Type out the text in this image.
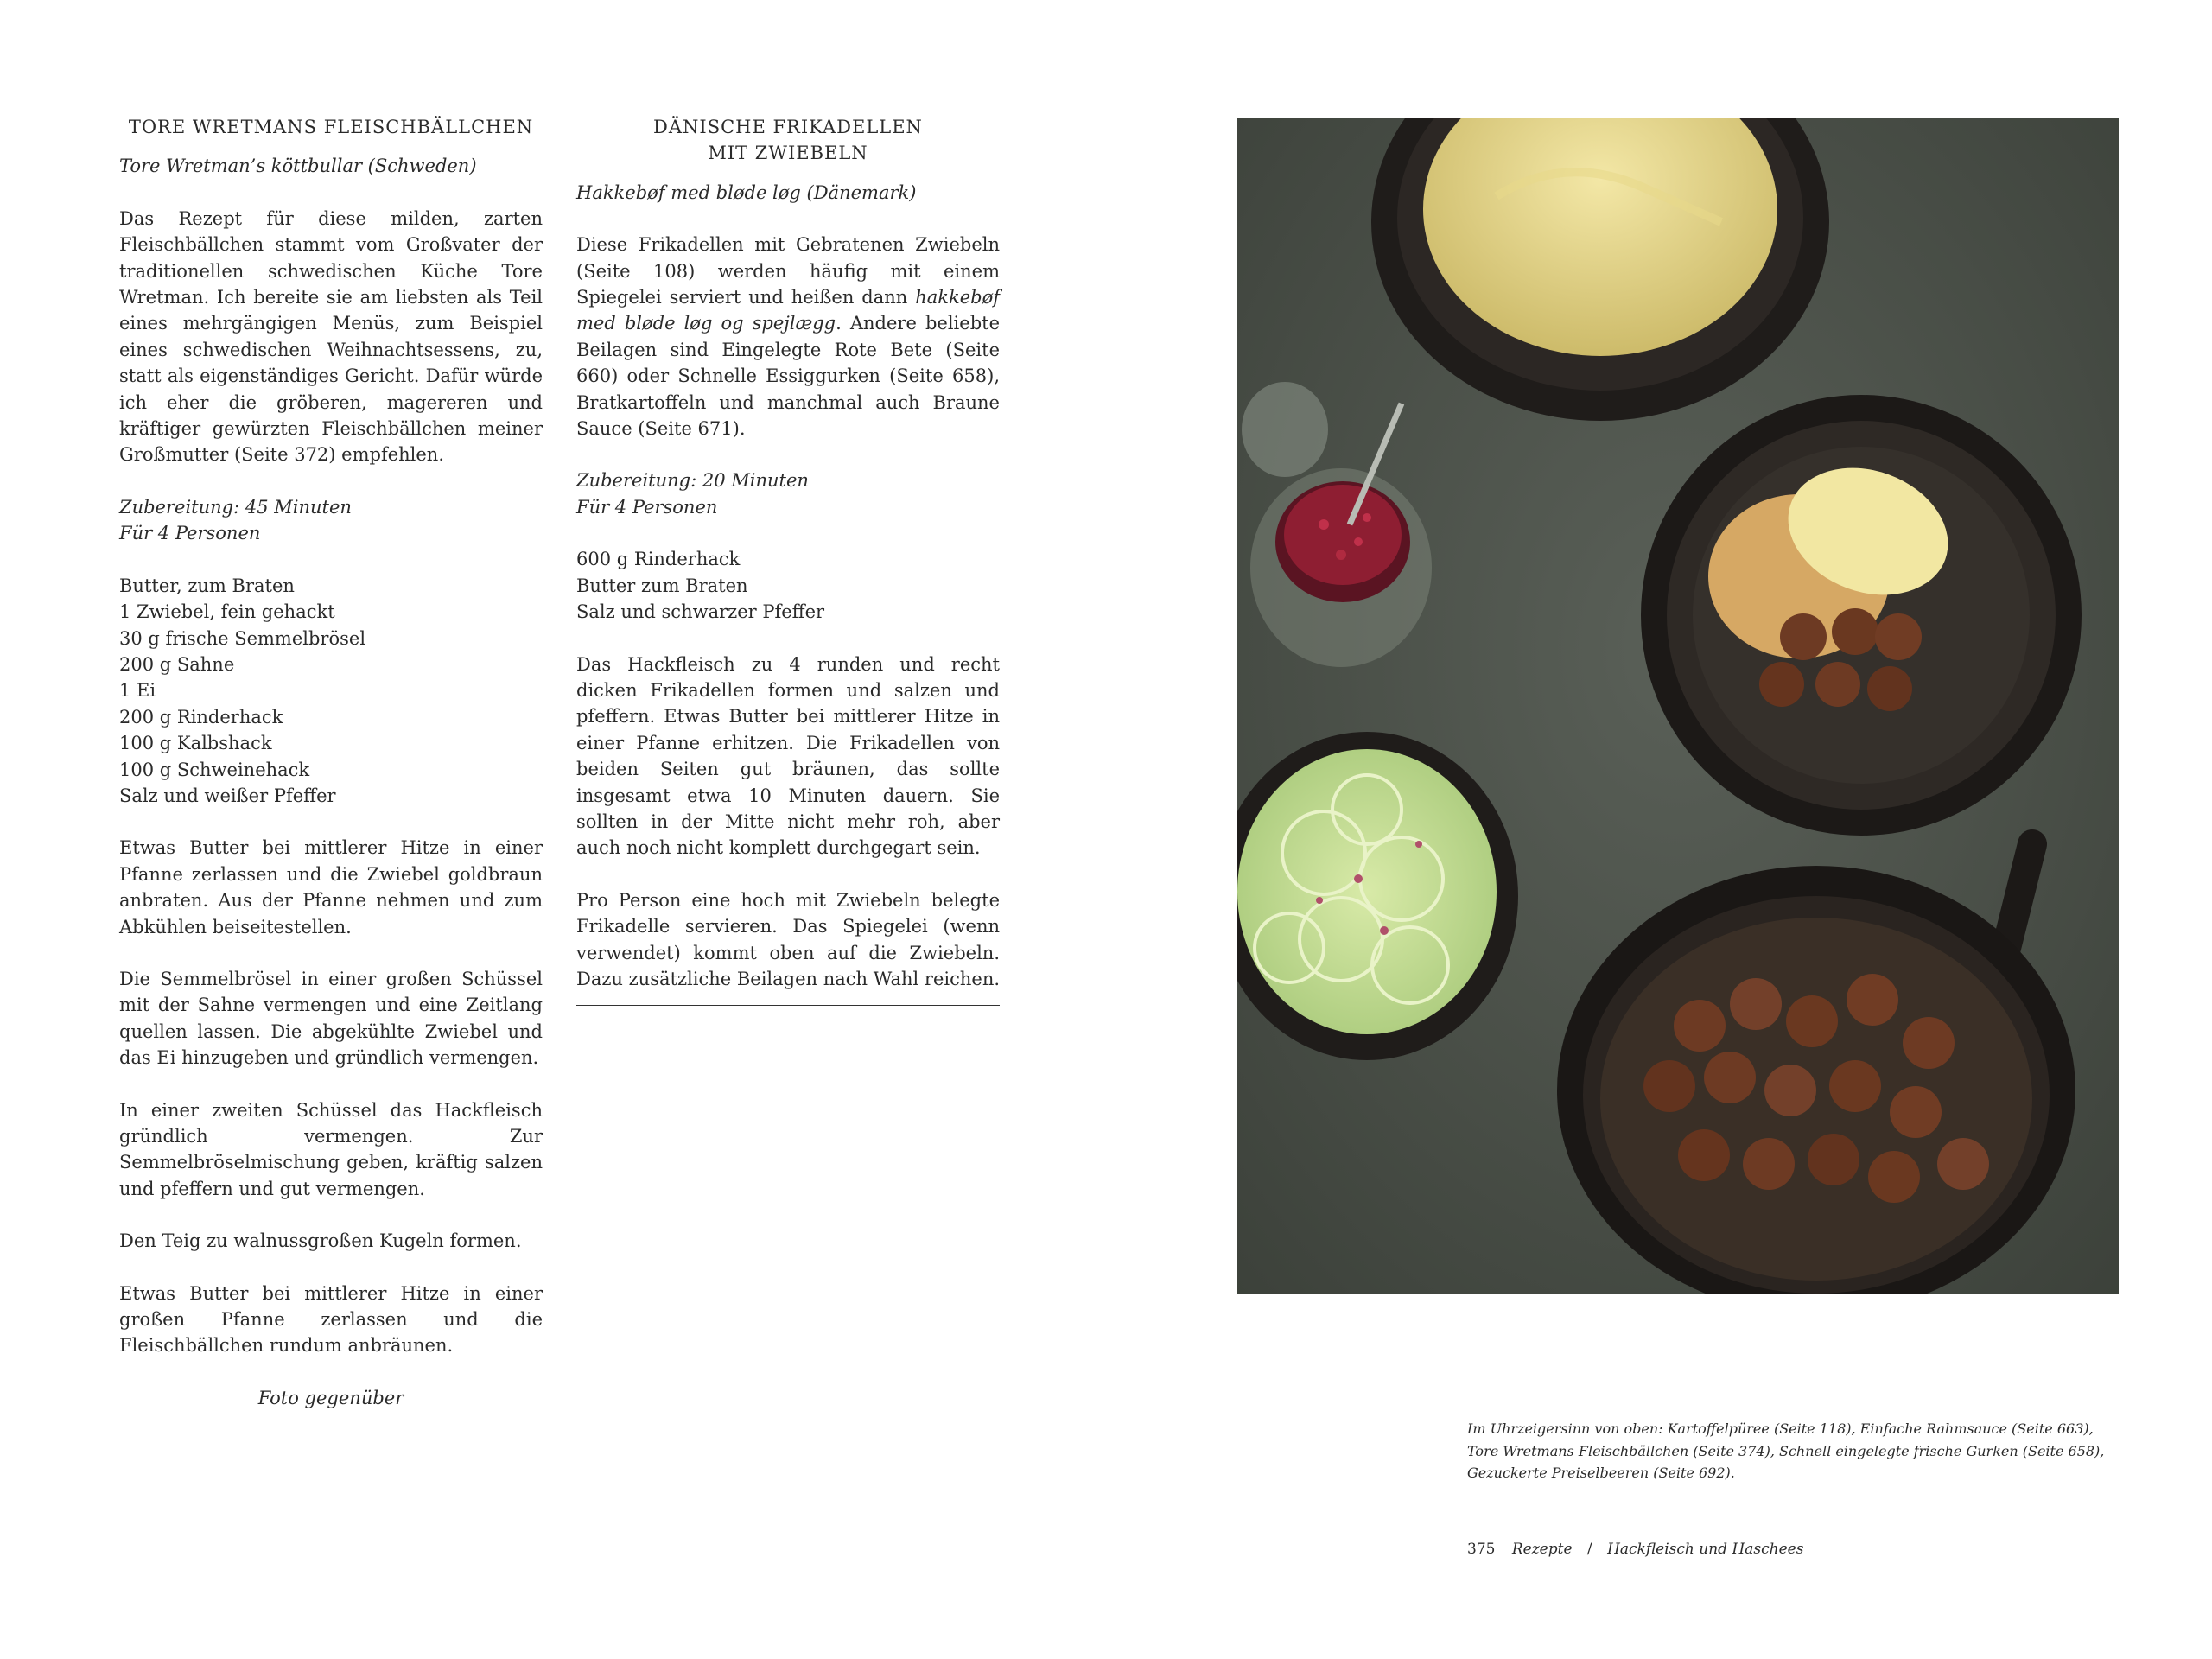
TORE WRETMANS FLEISCHBÄLLCHEN

Tore Wretman’s köttbullar (Schweden)

Das Rezept für diese milden, zarten Fleischbällchen stammt vom Großvater der traditionellen schwedischen Küche Tore Wretman. Ich bereite sie am liebsten als Teil eines mehrgängigen Menüs, zum Beispiel eines schwedischen Weihnachtsessens, zu, statt als eigenständiges Gericht. Dafür würde ich eher die gröberen, magereren und kräftiger gewürzten Fleischbällchen meiner Großmutter (Seite 372) empfehlen.

Zubereitung: 45 Minuten
Für 4 Personen
Butter, zum Braten
1 Zwiebel, fein gehackt
30 g frische Semmelbrösel
200 g Sahne
1 Ei
200 g Rinderhack
100 g Kalbshack
100 g Schweinehack
Salz und weißer Pfeffer

Etwas Butter bei mittlerer Hitze in einer Pfanne zerlassen und die Zwiebel goldbraun anbraten. Aus der Pfanne nehmen und zum Abkühlen beiseitestellen.

Die Semmelbrösel in einer großen Schüssel mit der Sahne vermengen und eine Zeitlang quellen lassen. Die abgekühlte Zwiebel und das Ei hinzugeben und gründlich vermengen.

In einer zweiten Schüssel das Hackfleisch gründlich vermengen. Zur Semmelbröselmischung geben, kräftig salzen und pfeffern und gut vermengen.

Den Teig zu walnussgroßen Kugeln formen.

Etwas Butter bei mittlerer Hitze in einer großen Pfanne zerlassen und die Fleischbällchen rundum anbräunen.

Foto gegenüber

DÄNISCHE FRIKADELLEN
MIT ZWIEBELN

Hakkebøf med bløde løg (Dänemark)

Diese Frikadellen mit Gebratenen Zwiebeln (Seite 108) werden häufig mit einem Spiegelei serviert und heißen dann hakkebøf med bløde løg og spejlægg. Andere beliebte Beilagen sind Eingelegte Rote Bete (Seite 660) oder Schnelle Essiggurken (Seite 658), Bratkartoffeln und manchmal auch Braune Sauce (Seite 671).

Zubereitung: 20 Minuten
Für 4 Personen
600 g Rinderhack
Butter zum Braten
Salz und schwarzer Pfeffer

Das Hackfleisch zu 4 runden und recht dicken Frikadellen formen und salzen und pfeffern. Etwas Butter bei mittlerer Hitze in einer Pfanne erhitzen. Die Frikadellen von beiden Seiten gut bräunen, das sollte insgesamt etwa 10 Minuten dauern. Sie sollten in der Mitte nicht mehr roh, aber auch noch nicht komplett durchgegart sein.

Pro Person eine hoch mit Zwiebeln belegte Frikadelle servieren. Das Spiegelei (wenn verwendet) kommt oben auf die Zwiebeln. Dazu zusätzliche Beilagen nach Wahl reichen.

Im Uhrzeigersinn von oben: Kartoffelpüree (Seite 118), Einfache Rahmsauce (Seite 663),
Tore Wretmans Fleischbällchen (Seite 374), Schnell eingelegte frische Gurken (Seite 658),
Gezuckerte Preiselbeeren (Seite 692).
375 Rezepte / Hackfleisch und Haschees
